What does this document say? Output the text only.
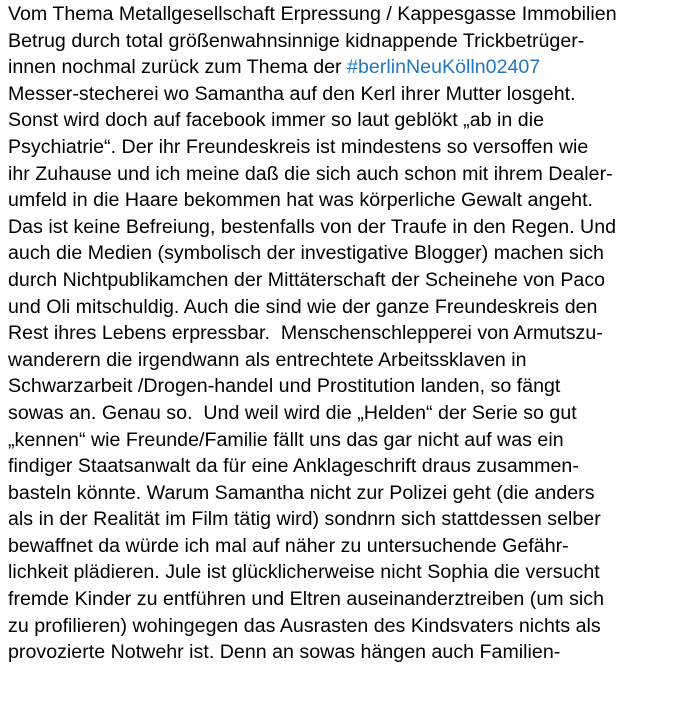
Vom Thema Metallgesellschaft Erpressung / Kappesgasse Immobilien
Betrug durch total größenwahnsinnige kidnappende Trickbetrüger-
innen nochmal zurück zum Thema der #berlinNeuKölln02407
Messer-stecherei wo Samantha auf den Kerl ihrer Mutter losgeht.
Sonst wird doch auf facebook immer so laut geblökt „ab in die
Psychiatrie“. Der ihr Freundeskreis ist mindestens so versoffen wie
ihr Zuhause und ich meine daß die sich auch schon mit ihrem Dealer-
umfeld in die Haare bekommen hat was körperliche Gewalt angeht.
Das ist keine Befreiung, bestenfalls von der Traufe in den Regen. Und
auch die Medien (symbolisch der investigative Blogger) machen sich
durch Nichtpublikamchen der Mittäterschaft der Scheinehe von Paco
und Oli mitschuldig. Auch die sind wie der ganze Freundeskreis den
Rest ihres Lebens erpressbar.  Menschenschlepperei von Armutszu-
wanderern die irgendwann als entrechtete Arbeitssklaven in
Schwarzarbeit /Drogen-handel und Prostitution landen, so fängt
sowas an. Genau so.  Und weil wird die „Helden“ der Serie so gut
„kennen“ wie Freunde/Familie fällt uns das gar nicht auf was ein
findiger Staatsanwalt da für eine Anklageschrift draus zusammen-
basteln könnte. Warum Samantha nicht zur Polizei geht (die anders
als in der Realität im Film tätig wird) sondnrn sich stattdessen selber
bewaffnet da würde ich mal auf näher zu untersuchende Gefähr-
lichkeit plädieren. Jule ist glücklicherweise nicht Sophia die versucht
fremde Kinder zu entführen und Eltren auseinanderztreiben (um sich
zu profilieren) wohingegen das Ausrasten des Kindsvaters nichts als
provozierte Notwehr ist. Denn an sowas hängen auch Familien-
